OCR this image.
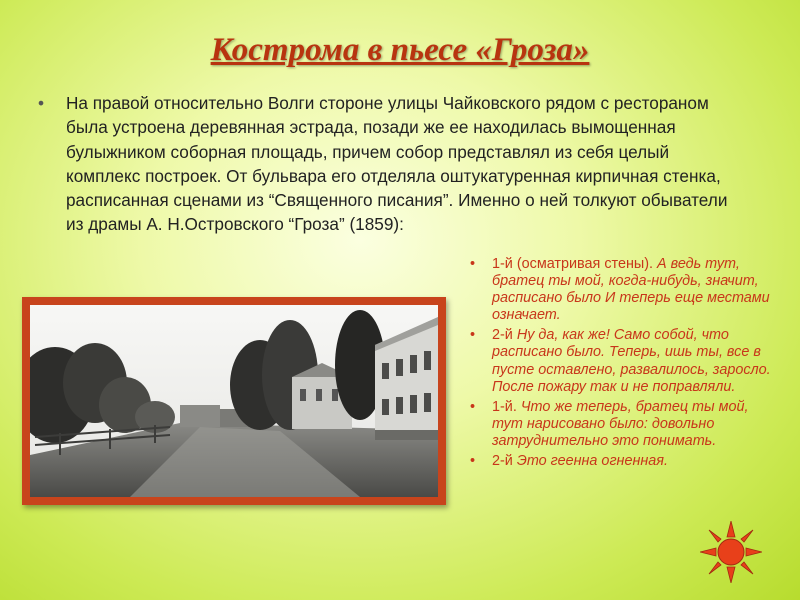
Кострома в пьесе «Гроза»
• На правой относительно Волги стороне улицы Чайковского рядом с рестораном была устроена деревянная эстрада, позади же ее находилась вымощенная булыжником соборная площадь, причем собор представлял из себя целый комплекс построек. От бульвара его отделяла оштукатуренная кирпичная стенка, расписанная сценами из “Священного писания”. Именно о ней толкуют обыватели из драмы А. Н.Островского “Гроза” (1859):
• 1-й (осматривая стены). А ведь тут, братец ты мой, когда-нибудь, значит, расписано было И теперь еще местами означает.
• 2-й Ну да, как же! Само собой, что расписано было. Теперь, ишь ты, все в пусте оставлено, развалилось, заросло. После пожару так и не поправляли.
• 1-й. Что же теперь, братец ты мой, тут нарисовано было: довольно затруднительно это понимать.
• 2-й Это геенна огненная.
